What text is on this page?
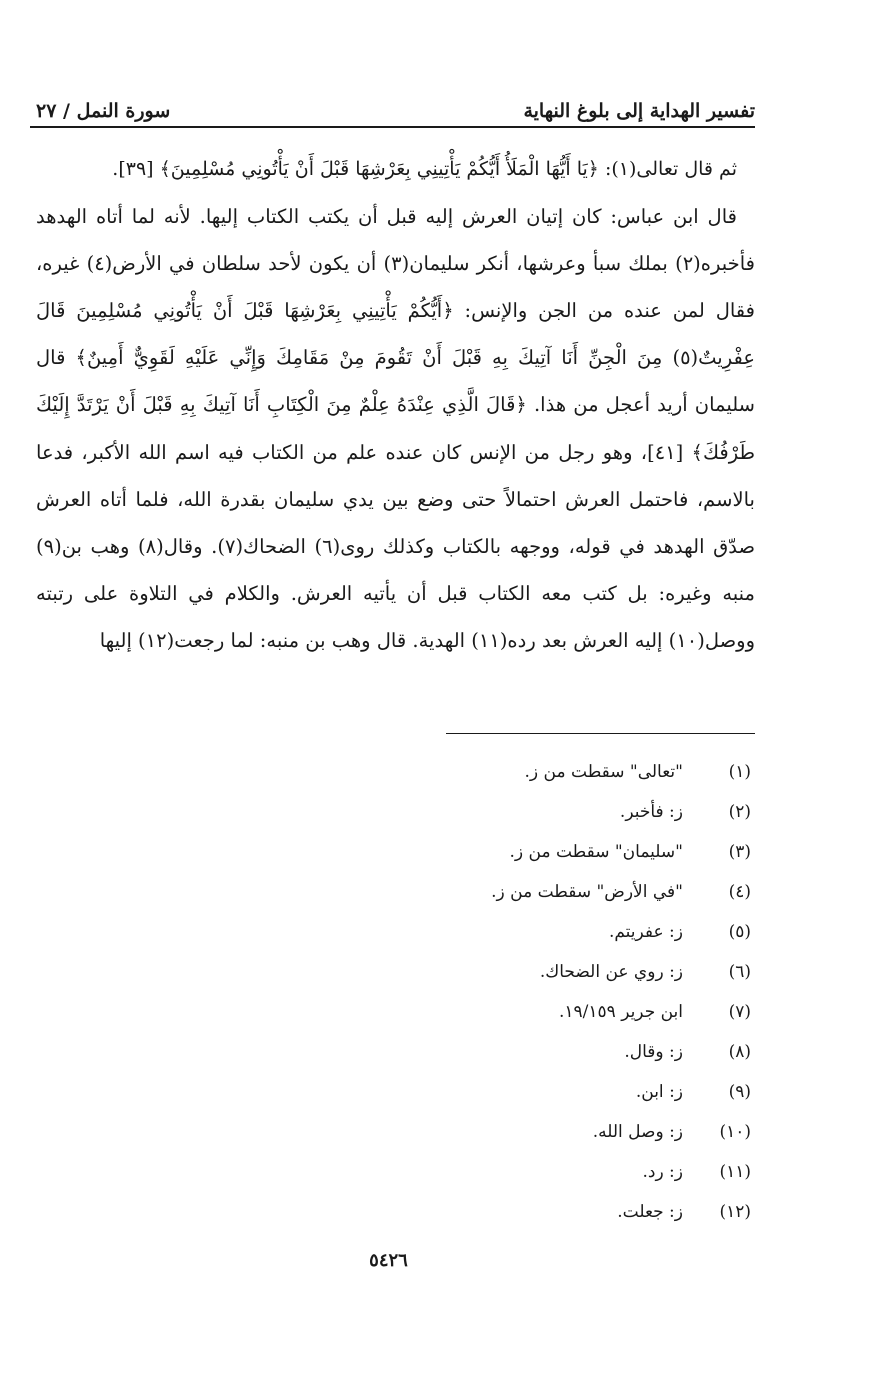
تفسير الهداية إلى بلوغ النهاية
سورة النمل / ٢٧

ثم قال تعالى(١): ﴿يَا أَيُّهَا الْمَلَأُ أَيُّكُمْ يَأْتِينِي بِعَرْشِهَا قَبْلَ أَنْ يَأْتُونِي مُسْلِمِينَ﴾ [٣٩].

قال ابن عباس: كان إتيان العرش إليه قبل أن يكتب الكتاب إليها. لأنه لما أتاه الهدهد فأخبره(٢) بملك سبأ وعرشها، أنكر سليمان(٣) أن يكون لأحد سلطان في الأرض(٤) غيره، فقال لمن عنده من الجن والإنس: ﴿أَيُّكُمْ يَأْتِينِي بِعَرْشِهَا قَبْلَ أَنْ يَأْتُونِي مُسْلِمِينَ قَالَ عِفْرِيتٌ(٥) مِنَ الْجِنِّ أَنَا آتِيكَ بِهِ قَبْلَ أَنْ تَقُومَ مِنْ مَقَامِكَ وَإِنِّي عَلَيْهِ لَقَوِيٌّ أَمِينٌ﴾ قال سليمان أريد أعجل من هذا. ﴿قَالَ الَّذِي عِنْدَهُ عِلْمٌ مِنَ الْكِتَابِ أَنَا آتِيكَ بِهِ قَبْلَ أَنْ يَرْتَدَّ إِلَيْكَ طَرْفُكَ﴾ [٤١]، وهو رجل من الإنس كان عنده علم من الكتاب فيه اسم الله الأكبر، فدعا بالاسم، فاحتمل العرش احتمالاً حتى وضع بين يدي سليمان بقدرة الله، فلما أتاه العرش صدّق الهدهد في قوله، ووجهه بالكتاب وكذلك روى(٦) الضحاك(٧). وقال(٨) وهب بن(٩) منبه وغيره: بل كتب معه الكتاب قبل أن يأتيه العرش. والكلام في التلاوة على رتبته ووصل(١٠) إليه العرش بعد رده(١١) الهدية. قال وهب بن منبه: لما رجعت(١٢) إليها

(١)
"تعالى" سقطت من ز.
(٢)
ز: فأخبر.
(٣)
"سليمان" سقطت من ز.
(٤)
"في الأرض" سقطت من ز.
(٥)
ز: عفريتم.
(٦)
ز: روي عن الضحاك.
(٧)
ابن جرير ١٩/١٥٩.
(٨)
ز: وقال.
(٩)
ز: ابن.
(١٠)
ز: وصل الله.
(١١)
ز: رد.
(١٢)
ز: جعلت.
٥٤٢٦
